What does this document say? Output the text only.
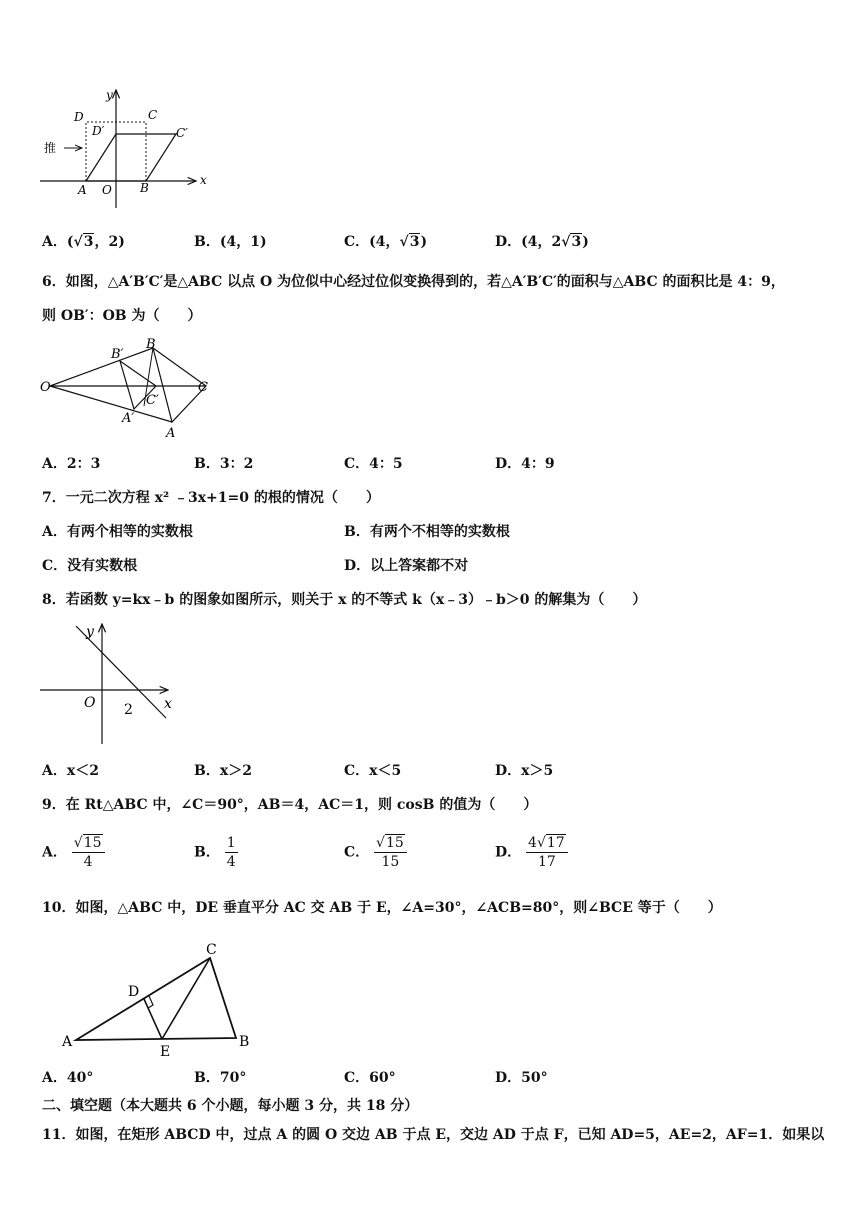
y
x
D	C
D′	C′
推
A O B
A．(√3，2)	B．(4，1)	C．(4，√3)	D．(4，2√3)
6．如图，△A′B′C′是△ABC 以点 O 为位似中心经过位似变换得到的，若△A′B′C′的面积与△ABC 的面积比是 4：9，
则 OB′：OB 为（　　）
O
B′
B
C
C′
A′
A
A．2：3	B．3：2	C．4：5	D．4：9
7．一元二次方程 x² ﹣3x+1=0 的根的情况（　　）
A．有两个相等的实数根	B．有两个不相等的实数根
C．没有实数根	D．以上答案都不对
8．若函数 y=kx﹣b 的图象如图所示，则关于 x 的不等式 k（x﹣3）﹣b＞0 的解集为（　　）
y
x
O 2
A．x＜2	B．x＞2	C．x＜5	D．x＞5
9．在 Rt△ABC 中，∠C＝90°，AB＝4，AC＝1，则 cosB 的值为（　　）
A． $\frac{√15}{4}$	B． $\frac{1}{4}$	C． $\frac{√15}{15}$	D． $\frac{4√17}{17}$
10．如图，△ABC 中，DE 垂直平分 AC 交 AB 于 E，∠A=30°，∠ACB=80°，则∠BCE 等于（　　）
C
D
A
E
B
A．40°	B．70°	C．60°	D．50°
二、填空题（本大题共 6 个小题，每小题 3 分，共 18 分）
11．如图，在矩形 ABCD 中，过点 A 的圆 O 交边 AB 于点 E，交边 AD 于点 F，已知 AD=5，AE=2，AF=1．如果以
